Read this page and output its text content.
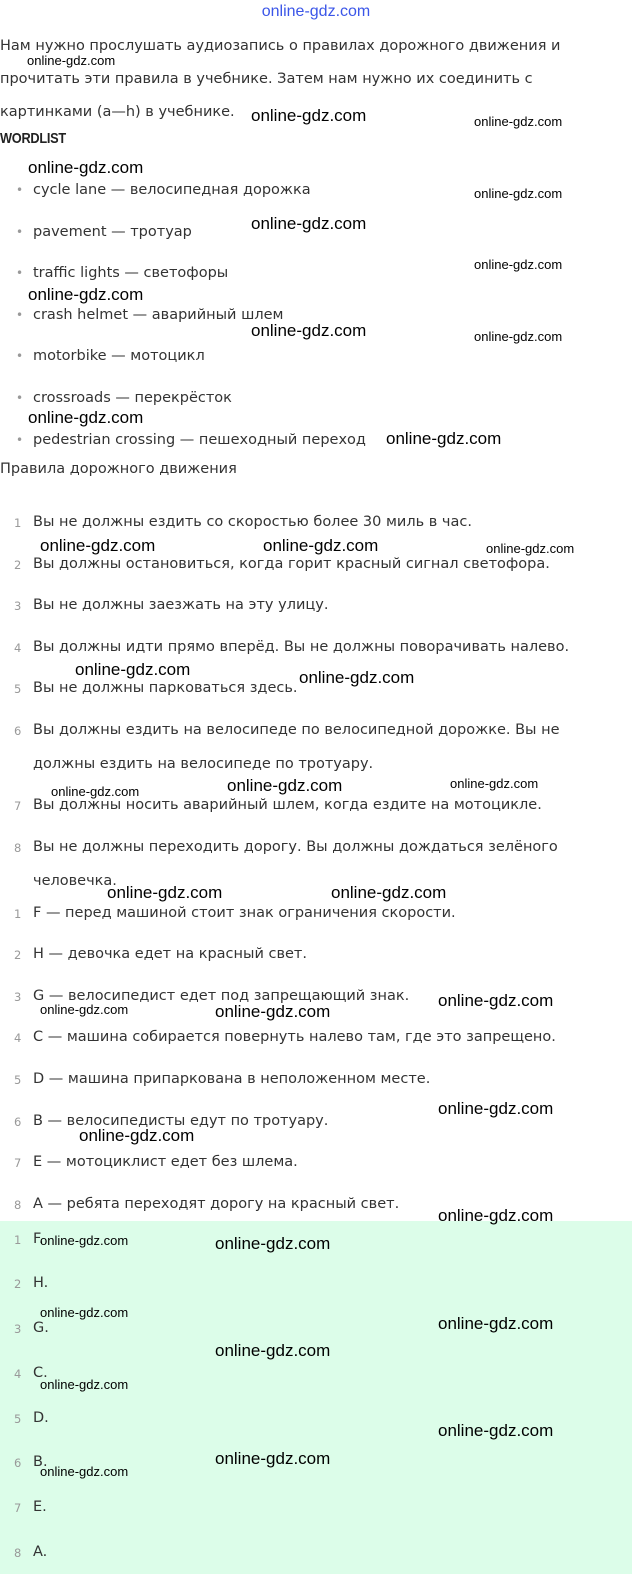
online-gdz.com
Нам нужно прослушать аудиозапись о правилах дорожного движения и
прочитать эти правила в учебнике. Затем нам нужно их соединить с
картинками (a—h) в учебнике.
WORDLIST
• cycle lane — велосипедная дорожка
• pavement — тротуар
• traffic lights — светофоры
• crash helmet — аварийный шлем
• motorbike — мотоцикл
• crossroads — перекрёсток
• pedestrian crossing — пешеходный переход
Правила дорожного движения
1 Вы не должны ездить со скоростью более 30 миль в час.
2 Вы должны остановиться, когда горит красный сигнал светофора.
3 Вы не должны заезжать на эту улицу.
4 Вы должны идти прямо вперёд. Вы не должны поворачивать налево.
5 Вы не должны парковаться здесь.
6 Вы должны ездить на велосипеде по велосипедной дорожке. Вы не
должны ездить на велосипеде по тротуару.
7 Вы должны носить аварийный шлем, когда ездите на мотоцикле.
8 Вы не должны переходить дорогу. Вы должны дождаться зелёного
человечка.
1 F — перед машиной стоит знак ограничения скорости.
2 H — девочка едет на красный свет.
3 G — велосипедист едет под запрещающий знак.
4 C — машина собирается повернуть налево там, где это запрещено.
5 D — машина припаркована в неположенном месте.
6 B — велосипедисты едут по тротуару.
7 E — мотоциклист едет без шлема.
8 A — ребята переходят дорогу на красный свет.
1 F.
2 H.
3 G.
4 C.
5 D.
6 B.
7 E.
8 A.
online-gdz.com
online-gdz.com	online-gdz.com
online-gdz.com
online-gdz.com
online-gdz.com
online-gdz.com
online-gdz.com
online-gdz.com	online-gdz.com
online-gdz.com
online-gdz.com
online-gdz.com	online-gdz.com	online-gdz.com
online-gdz.com	online-gdz.com
online-gdz.com
online-gdz.com
online-gdz.com
online-gdz.com	online-gdz.com
online-gdz.com
online-gdz.com	online-gdz.com
online-gdz.com
online-gdz.com
online-gdz.com
online-gdz.com	online-gdz.com
online-gdz.com
online-gdz.com
online-gdz.com
online-gdz.com
online-gdz.com
online-gdz.com
online-gdz.com
